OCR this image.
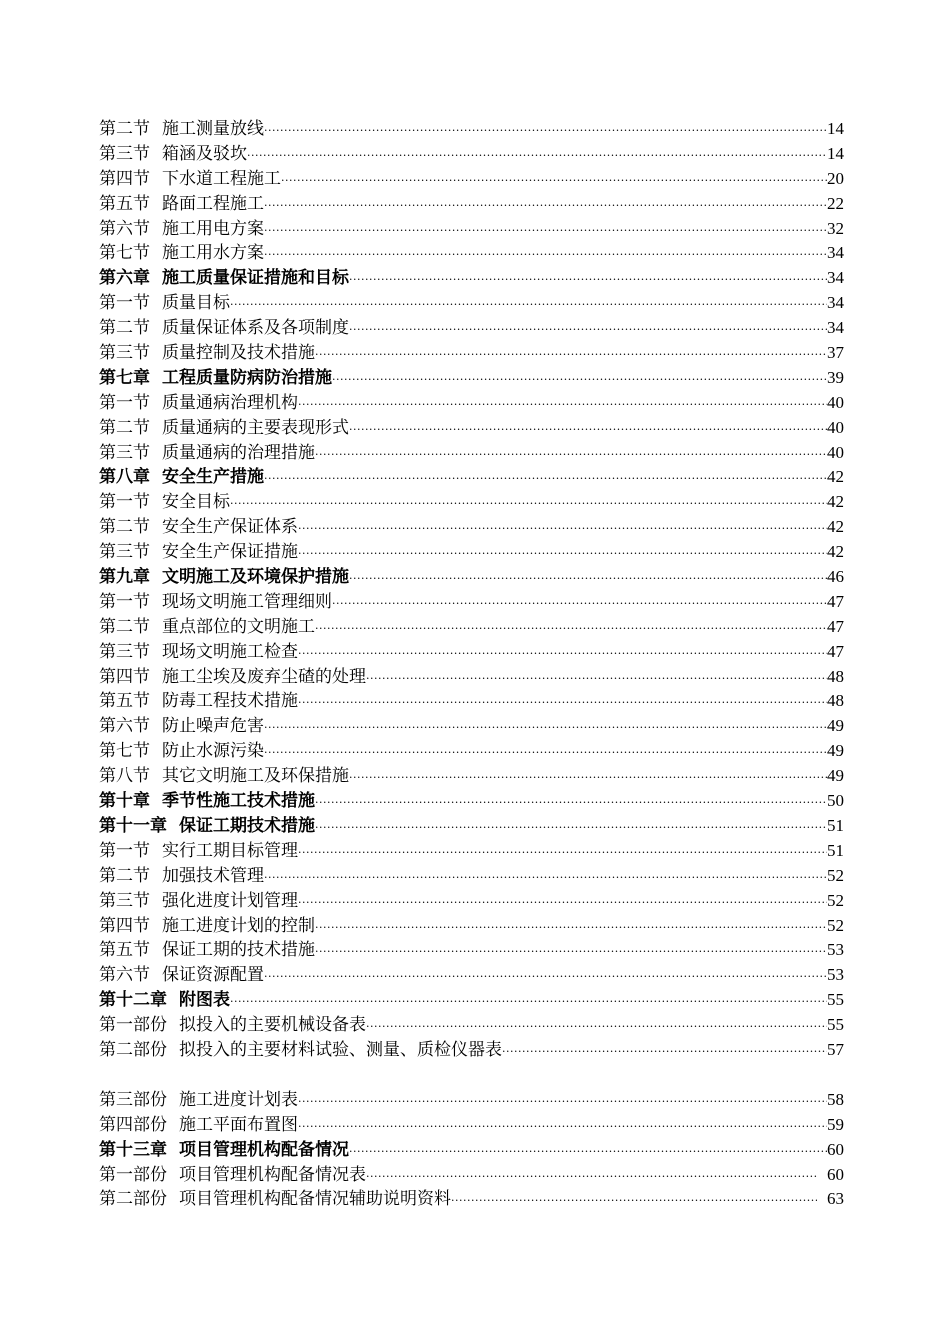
第二节 施工测量放线 ·····	14
第三节 箱涵及驳坎 ·····	14
第四节 下水道工程施工 ·····	20
第五节 路面工程施工 ·····	22
第六节 施工用电方案 ·····	32
第七节 施工用水方案 ·····	34
第六章 施工质量保证措施和目标 ·····	34
第一节 质量目标 ·····	34
第二节 质量保证体系及各项制度 ·····	34
第三节 质量控制及技术措施 ·····	37
第七章 工程质量防病防治措施 ·····	39
第一节 质量通病治理机构 ·····	40
第二节 质量通病的主要表现形式 ·····	40
第三节 质量通病的治理措施 ·····	40
第八章 安全生产措施 ·····	42
第一节 安全目标 ·····	42
第二节 安全生产保证体系 ·····	42
第三节 安全生产保证措施 ·····	42
第九章 文明施工及环境保护措施 ·····	46
第一节 现场文明施工管理细则 ·····	47
第二节 重点部位的文明施工 ·····	47
第三节 现场文明施工检查 ·····	47
第四节 施工尘埃及废弃尘碴的处理 ·····	48
第五节 防毒工程技术措施 ·····	48
第六节 防止噪声危害 ·····	49
第七节 防止水源污染 ·····	49
第八节 其它文明施工及环保措施 ·····	49
第十章 季节性施工技术措施 ·····	50
第十一章 保证工期技术措施 ·····	51
第一节 实行工期目标管理 ·····	51
第二节 加强技术管理 ·····	52
第三节 强化进度计划管理 ·····	52
第四节 施工进度计划的控制 ·····	52
第五节 保证工期的技术措施 ·····	53
第六节 保证资源配置 ·····	53
第十二章 附图表 ·····	55
第一部份 拟投入的主要机械设备表 ·····	55
第二部份 拟投入的主要材料试验、测量、质检仪器表 ·····	57
第三部份 施工进度计划表 ·····	58
第四部份 施工平面布置图 ·····	59
第十三章 项目管理机构配备情况 ·····	60
第一部份 项目管理机构配备情况表 ·····	60
第二部份 项目管理机构配备情况辅助说明资料 ·····	63
